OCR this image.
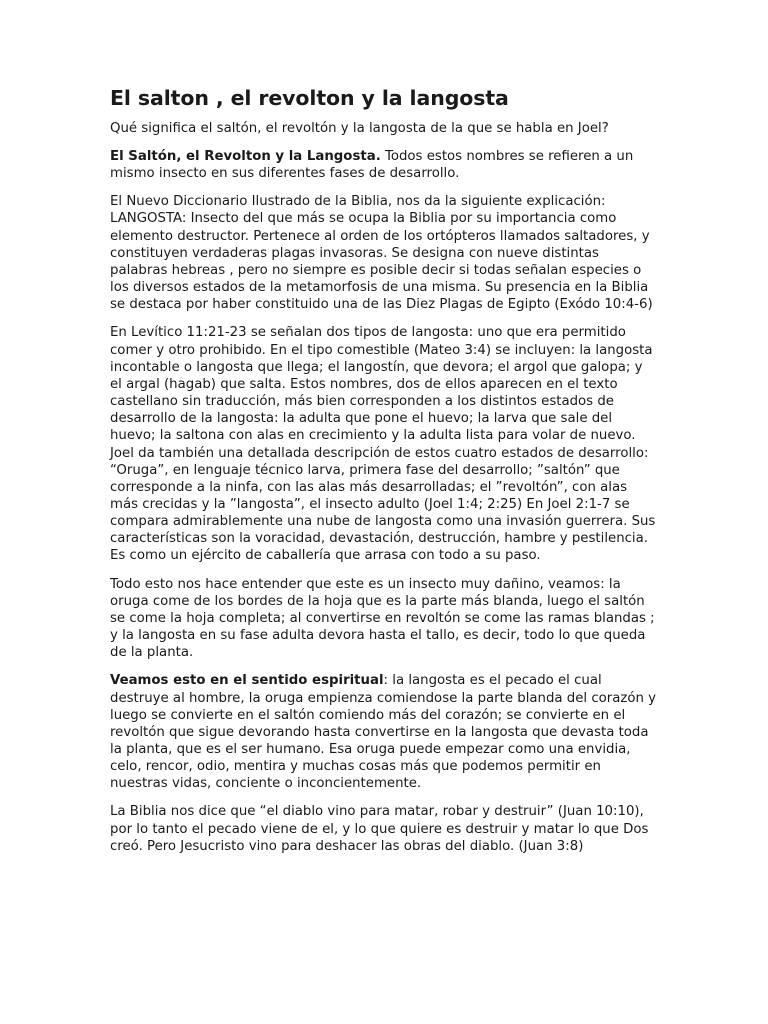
El salton , el revolton y la langosta

Qué significa el saltón, el revoltón y la langosta de la que se habla en Joel?

El Saltón, el Revolton y la Langosta. Todos estos nombres se refieren a un mismo insecto en sus diferentes fases de desarrollo.

El Nuevo Diccionario Ilustrado de la Biblia, nos da la siguiente explicación: LANGOSTA: Insecto del que más se ocupa la Biblia por su importancia como elemento destructor. Pertenece al orden de los ortópteros llamados saltadores, y constituyen verdaderas plagas invasoras. Se designa con nueve distintas palabras hebreas , pero no siempre es posible decir si todas señalan especies o los diversos estados de la metamorfosis de una misma. Su presencia en la Biblia se destaca por haber constituido una de las Diez Plagas de Egipto (Exódo 10:4-6)

En Levítico 11:21-23 se señalan dos tipos de langosta: uno que era permitido comer y otro prohibido. En el tipo comestible (Mateo 3:4) se incluyen: la langosta incontable o langosta que llega; el langostín, que devora; el argol que galopa; y el argal (hagab) que salta. Estos nombres, dos de ellos aparecen en el texto castellano sin traducción, más bien corresponden a los distintos estados de desarrollo de la langosta: la adulta que pone el huevo; la larva que sale del huevo; la saltona con alas en crecimiento y la adulta lista para volar de nuevo. Joel da también una detallada descripción de estos cuatro estados de desarrollo: “Oruga”, en lenguaje técnico larva, primera fase del desarrollo; ”saltón” que corresponde a la ninfa, con las alas más desarrolladas; el ”revoltón”, con alas más crecidas y la ”langosta”, el insecto adulto (Joel 1:4; 2:25) En Joel 2:1-7 se compara admirablemente una nube de langosta como una invasión guerrera. Sus características son la voracidad, devastación, destrucción, hambre y pestilencia. Es como un ejército de caballería que arrasa con todo a su paso.

Todo esto nos hace entender que este es un insecto muy dañino, veamos: la oruga come de los bordes de la hoja que es la parte más blanda, luego el saltón se come la hoja completa; al convertirse en revoltón se come las ramas blandas ; y la langosta en su fase adulta devora hasta el tallo, es decir, todo lo que queda de la planta.

Veamos esto en el sentido espiritual: la langosta es el pecado el cual destruye al hombre, la oruga empienza comiendose la parte blanda del corazón y luego se convierte en el saltón comiendo más del corazón; se convierte en el revoltón que sigue devorando hasta convertirse en la langosta que devasta toda la planta, que es el ser humano. Esa oruga puede empezar como una envidia, celo, rencor, odio, mentira y muchas cosas más que podemos permitir en nuestras vidas, conciente o inconcientemente.

La Biblia nos dice que “el diablo vino para matar, robar y destruir” (Juan 10:10), por lo tanto el pecado viene de el, y lo que quiere es destruir y matar lo que Dos creó. Pero Jesucristo vino para deshacer las obras del diablo. (Juan 3:8)
